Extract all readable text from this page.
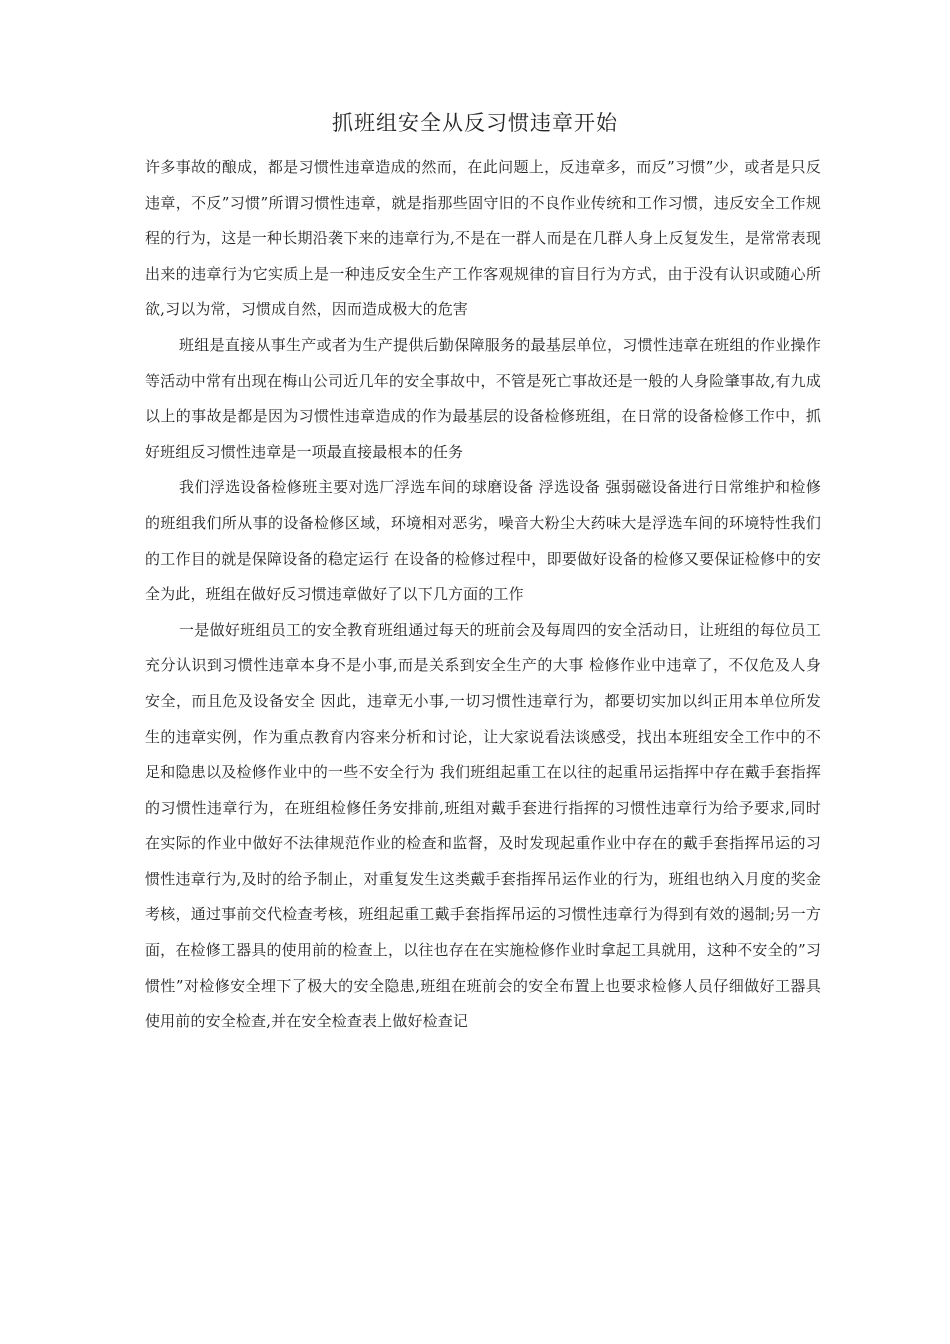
抓班组安全从反习惯违章开始

许多事故的酿成，都是习惯性违章造成的然而，在此问题上，反违章多，而反”习惯”少，或者是只反违章，不反”习惯”所谓习惯性违章，就是指那些固守旧的不良作业传统和工作习惯，违反安全工作规程的行为，这是一种长期沿袭下来的违章行为,不是在一群人而是在几群人身上反复发生，是常常表现出来的违章行为它实质上是一种违反安全生产工作客观规律的盲目行为方式，由于没有认识或随心所欲,习以为常，习惯成自然，因而造成极大的危害

班组是直接从事生产或者为生产提供后勤保障服务的最基层单位，习惯性违章在班组的作业操作等活动中常有出现在梅山公司近几年的安全事故中，不管是死亡事故还是一般的人身险肇事故,有九成以上的事故是都是因为习惯性违章造成的作为最基层的设备检修班组，在日常的设备检修工作中，抓好班组反习惯性违章是一项最直接最根本的任务

我们浮选设备检修班主要对选厂浮选车间的球磨设备 浮选设备 强弱磁设备进行日常维护和检修的班组我们所从事的设备检修区域，环境相对恶劣，噪音大粉尘大药味大是浮选车间的环境特性我们的工作目的就是保障设备的稳定运行 在设备的检修过程中，即要做好设备的检修又要保证检修中的安全为此，班组在做好反习惯违章做好了以下几方面的工作

一是做好班组员工的安全教育班组通过每天的班前会及每周四的安全活动日，让班组的每位员工充分认识到习惯性违章本身不是小事,而是关系到安全生产的大事 检修作业中违章了，不仅危及人身安全，而且危及设备安全 因此，违章无小事,一切习惯性违章行为，都要切实加以纠正用本单位所发生的违章实例，作为重点教育内容来分析和讨论，让大家说看法谈感受，找出本班组安全工作中的不足和隐患以及检修作业中的一些不安全行为 我们班组起重工在以往的起重吊运指挥中存在戴手套指挥的习惯性违章行为，在班组检修任务安排前,班组对戴手套进行指挥的习惯性违章行为给予要求,同时在实际的作业中做好不法律规范作业的检查和监督，及时发现起重作业中存在的戴手套指挥吊运的习惯性违章行为,及时的给予制止，对重复发生这类戴手套指挥吊运作业的行为，班组也纳入月度的奖金考核，通过事前交代检查考核，班组起重工戴手套指挥吊运的习惯性违章行为得到有效的遏制;另一方面，在检修工器具的使用前的检查上，以往也存在在实施检修作业时拿起工具就用，这种不安全的”习惯性”对检修安全埋下了极大的安全隐患,班组在班前会的安全布置上也要求检修人员仔细做好工器具使用前的安全检查,并在安全检查表上做好检查记
